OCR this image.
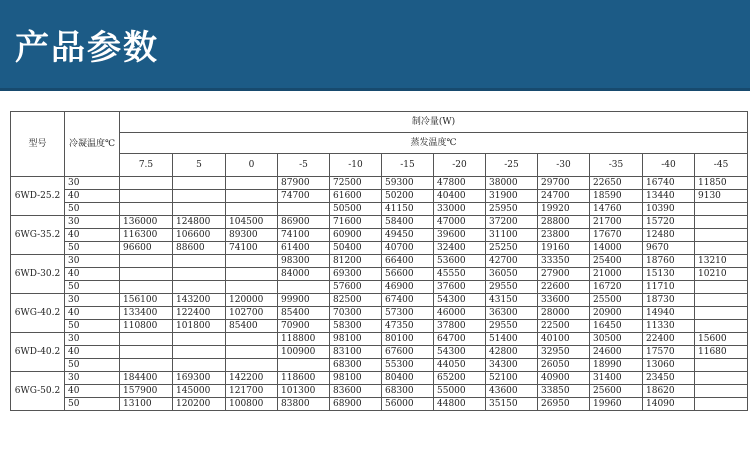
产品参数
型号	冷凝温度℃	制冷量(W)											
		蒸发温度℃											
		7.5	5	0	-5	-10	-15	-20	-25	-30	-35	-40	-45
6WD-25.2	30				87900	72500	59300	47800	38000	29700	22650	16740	11850
	40				74700	61600	50200	40400	31900	24700	18590	13440	9130
	50					50500	41150	33000	25950	19920	14760	10390	
6WG-35.2	30	136000	124800	104500	86900	71600	58400	47000	37200	28800	21700	15720	
	40	116300	106600	89300	74100	60900	49450	39600	31100	23800	17670	12480	
	50	96600	88600	74100	61400	50400	40700	32400	25250	19160	14000	9670	
6WD-30.2	30				98300	81200	66400	53600	42700	33350	25400	18760	13210
	40				84000	69300	56600	45550	36050	27900	21000	15130	10210
	50					57600	46900	37600	29550	22600	16720	11710	
6WG-40.2	30	156100	143200	120000	99900	82500	67400	54300	43150	33600	25500	18730	
	40	133400	122400	102700	85400	70300	57300	46000	36300	28000	20900	14940	
	50	110800	101800	85400	70900	58300	47350	37800	29550	22500	16450	11330	
6WD-40.2	30				118800	98100	80100	64700	51400	40100	30500	22400	15600
	40				100900	83100	67600	54300	42800	32950	24600	17570	11680
	50					68300	55300	44050	34300	26050	18990	13060	
6WG-50.2	30	184400	169300	142200	118600	98100	80400	65200	52100	40900	31400	23450	
	40	157900	145000	121700	101300	83600	68300	55000	43600	33850	25600	18620	
	50	13100	120200	100800	83800	68900	56000	44800	35150	26950	19960	14090	
